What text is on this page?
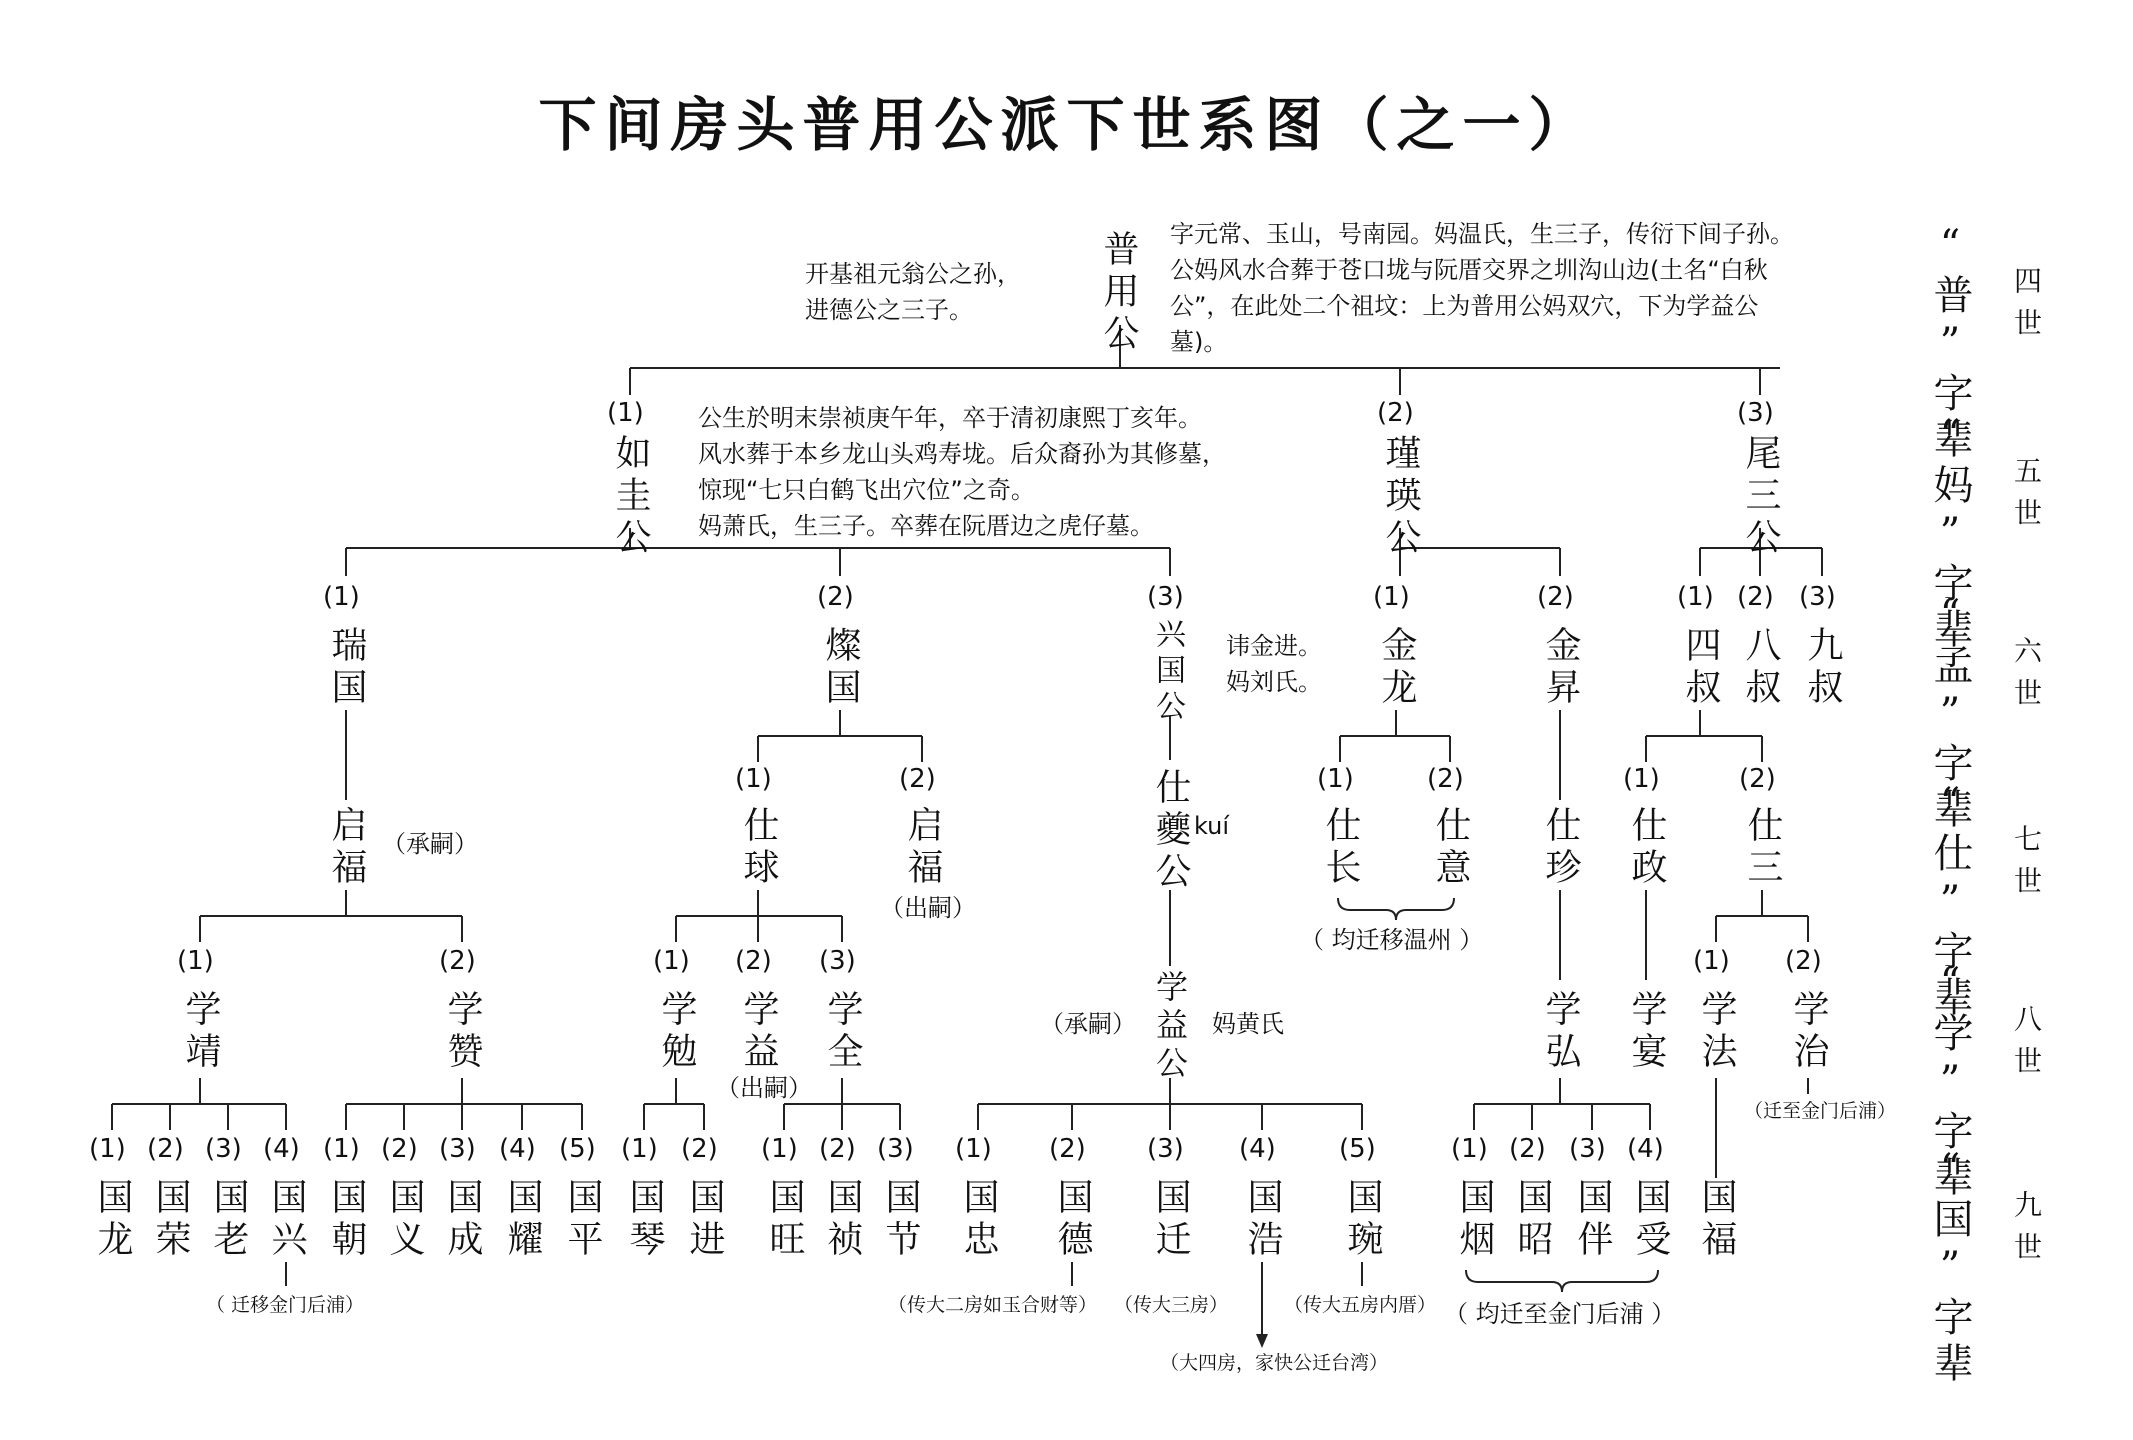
下间房头普用公派下世系图（之一）
普用公
开基祖元翁公之孙，
进德公之三子。
字元常、玉山，号南园。妈温氏，生三子，传衍下间子孙。
公妈风水合葬于苍口垅与阮厝交界之圳沟山边(土名“白秋
公”，在此处二个祖坟：上为普用公妈双穴，下为学益公
墓)。
(1)
如圭公
公生於明末崇祯庚午年，卒于清初康熙丁亥年。
风水葬于本乡龙山头鸡寿垅。后众裔孙为其修墓，
惊现“七只白鹤飞出穴位”之奇。
妈萧氏，生三子。卒葬在阮厝边之虎仔墓。
(2)
瑾瑛公
(3)
尾三公
(1)
瑞国
(2)
燦国
(3)
兴国公 讳金进。
妈刘氏。
(1)
金龙
(2)
金昇
(1)
四叔
(2)
八叔
(3)
九叔
启福 （承嗣）
(1)
仕球
(2)
启福
（出嗣）
仕夔公 kuí
(1)
仕长
(2)
仕意 仕珍
(1)
仕政
(2)
仕三
（ 均迁移温州 ）
(1)
学靖
(2)
学赞
(1)
学勉
(2)
学益
（出嗣）
(3)
学全	学益公
（承嗣）	妈黄氏	学弘 学宴
(1)
学法
(2)
学治
（迁至金门后浦）
(1)
国龙
(2)
国荣
(3)
国老
(4)
国兴
(1)
国朝
(2)
国义
(3)
国成
(4)
国耀
(5)
国平
(1)
国琴
(2)
国进
(1)
国旺
(2)
国祯
(3)
国节
(1)
国忠
(2)
国德
(3)
国迁
(4)
国浩
(5)
国琬
(1)
国烟
(2)
国昭
(3)
国伴
(4)
国受 国福
（ 迁移金门后浦）	（传大二房如玉合财等） （传大三房）
（大四房，家快公迁台湾）
（传大五房内厝） （ 均迁至金门后浦 ）
“普”字辈 四世
“妈”字辈 五世
“孟”字辈 六世
“仕”字辈 七世
“学”字辈 八世
“国”字辈 九世
